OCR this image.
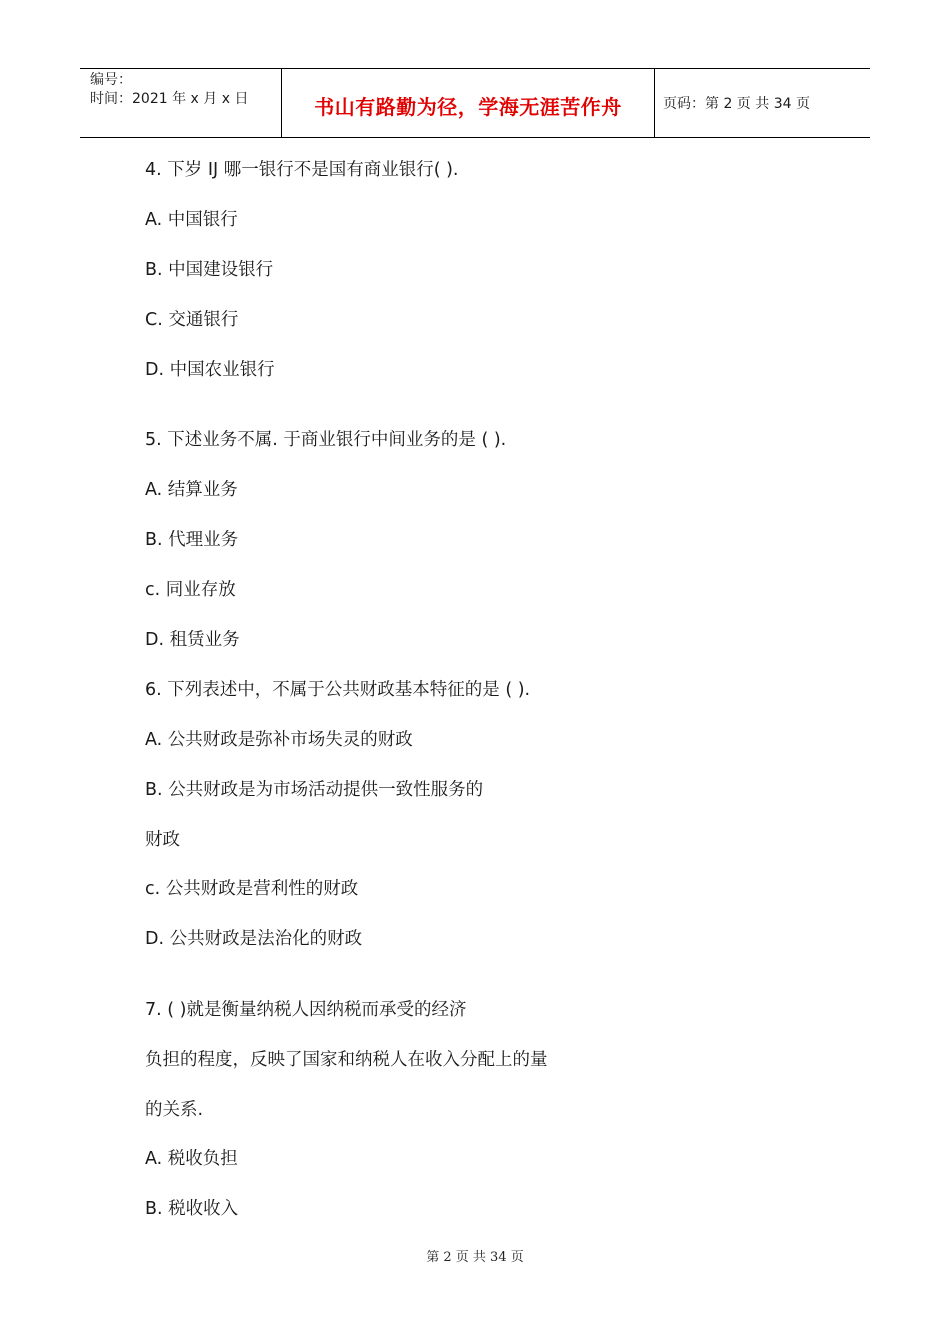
编号：
时间：2021 年 x 月 x 日	书山有路勤为径，学海无涯苦作舟	页码：第 2 页 共 34 页
4. 下岁 IJ 哪一银行不是国有商业银行( ).
A. 中国银行
B. 中国建设银行
C. 交通银行
D. 中国农业银行
5. 下述业务不属. 于商业银行中间业务的是 ( ).
A. 结算业务
B. 代理业务
c. 同业存放
D. 租赁业务
6. 下列表述中，不属于公共财政基本特征的是 ( ).
A. 公共财政是弥补市场失灵的财政
B. 公共财政是为市场活动提供一致性服务的
财政
c. 公共财政是营利性的财政
D. 公共财政是法治化的财政
7. ( )就是衡量纳税人因纳税而承受的经济
负担的程度，反映了国家和纳税人在收入分配上的量
的关系.
A. 税收负担
B. 税收收入
第 2 页 共 34 页
